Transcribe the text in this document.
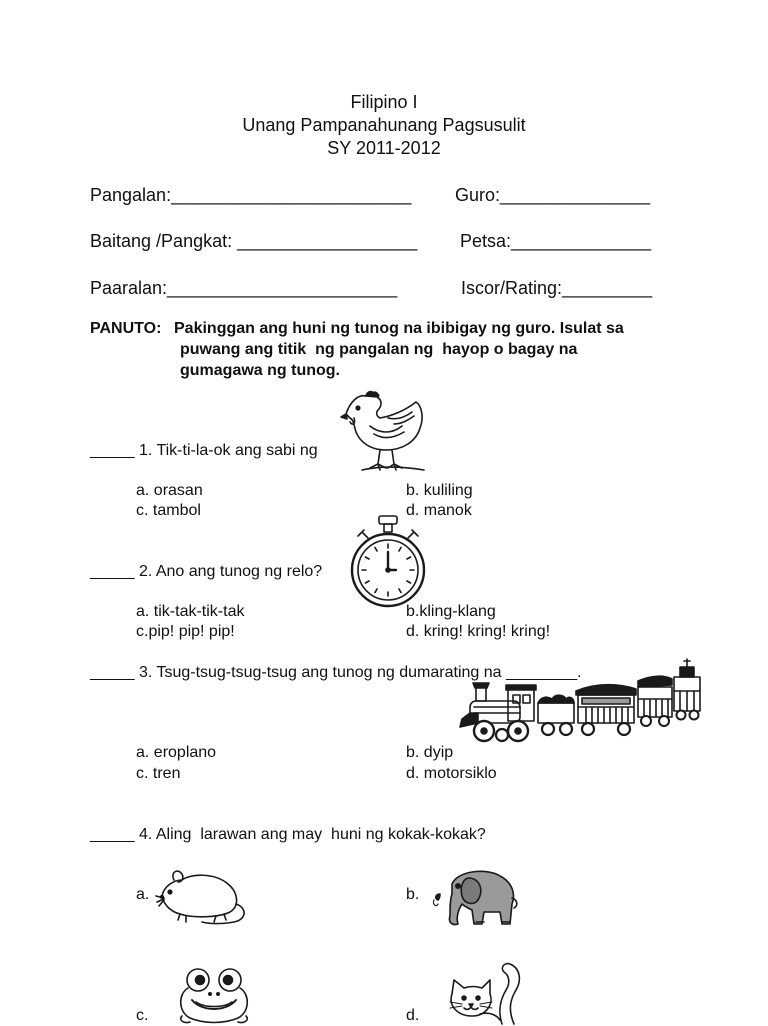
Filipino I
Unang Pampanahunang Pagsusulit
SY 2011-2012
Pangalan:________________________ Guro:_______________
Baitang /Pangkat: __________________ Petsa:______________
Paaralan:_______________________	Iscor/Rating:_________
PANUTO: Pakinggan ang huni ng tunog na ibibigay ng guro. Isulat sa
puwang ang titik  ng pangalan ng  hayop o bagay na
gumagawa ng tunog.
_____ 1. Tik-ti-la-ok ang sabi ng
a. orasan	b. kuliling
c. tambol	d. manok
_____ 2. Ano ang tunog ng relo?
a. tik-tak-tik-tak	b.kling-klang
c.pip! pip! pip!	d. kring! kring! kring!
_____ 3. Tsug-tsug-tsug-tsug ang tunog ng dumarating na ________.
a. eroplano	b. dyip
c. tren	d. motorsiklo
_____ 4. Aling  larawan ang may  huni ng kokak-kokak?
a.	b.
c.	d.
